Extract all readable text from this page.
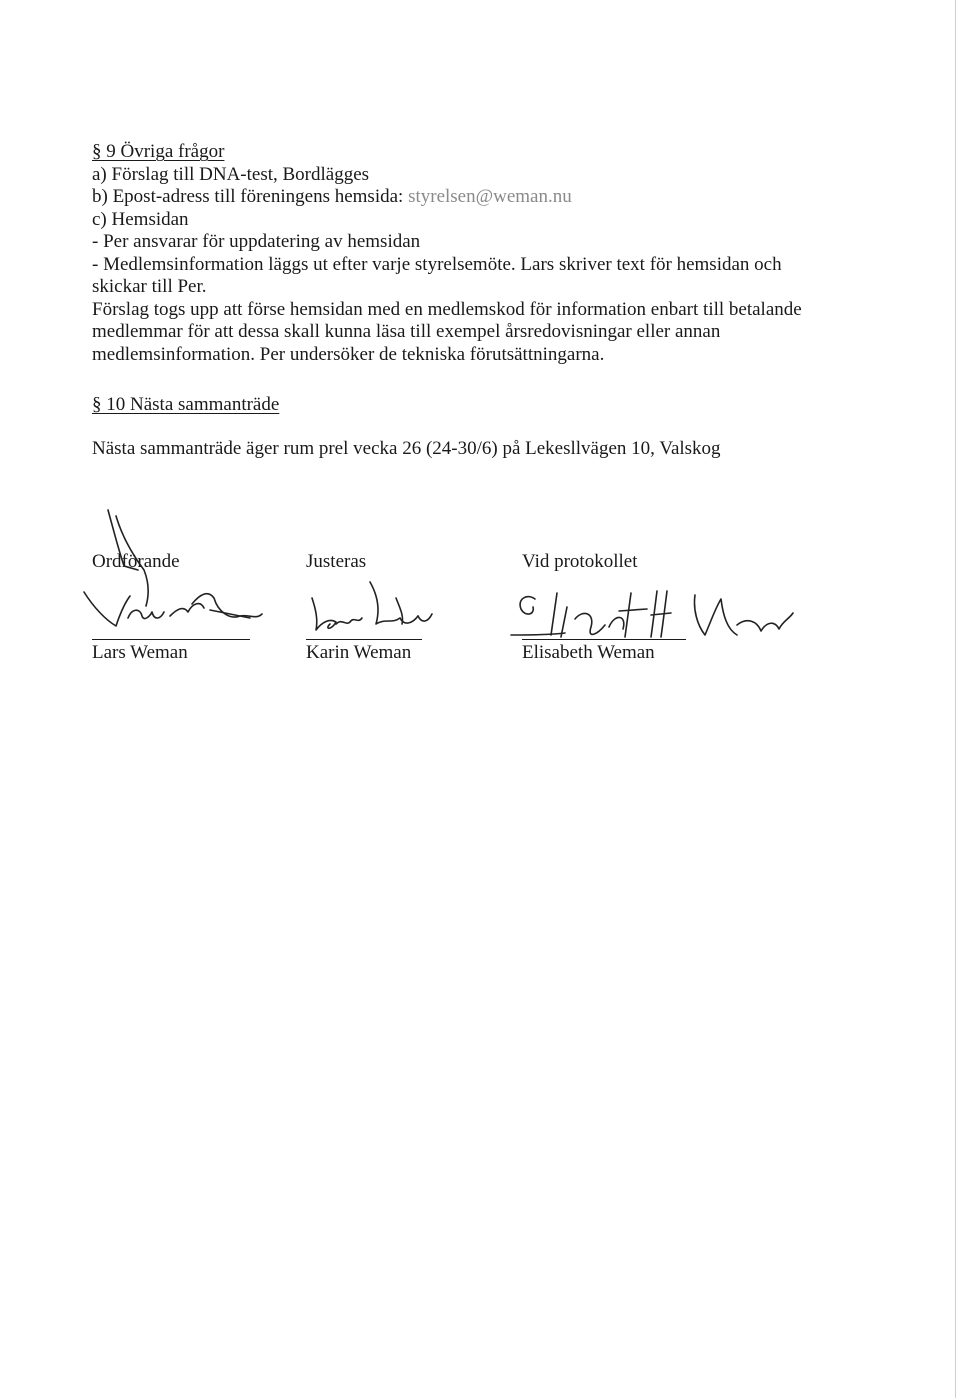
§ 9 Övriga frågor
a) Förslag till DNA-test, Bordlägges
b) Epost-adress till föreningens hemsida: styrelsen@weman.nu
c) Hemsidan
- Per ansvarar för uppdatering av hemsidan
- Medlemsinformation läggs ut efter varje styrelsemöte. Lars skriver text för hemsidan och
skickar till Per.
Förslag togs upp att förse hemsidan med en medlemskod för information enbart till betalande
medlemmar för att dessa skall kunna läsa till exempel årsredovisningar eller annan
medlemsinformation. Per undersöker de tekniska förutsättningarna.
§ 10 Nästa sammanträde
Nästa sammanträde äger rum prel vecka 26 (24-30/6) på Lekesllvägen 10, Valskog
Ordförande
Lars Weman
Justeras
Karin Weman
Vid protokollet
Elisabeth Weman
